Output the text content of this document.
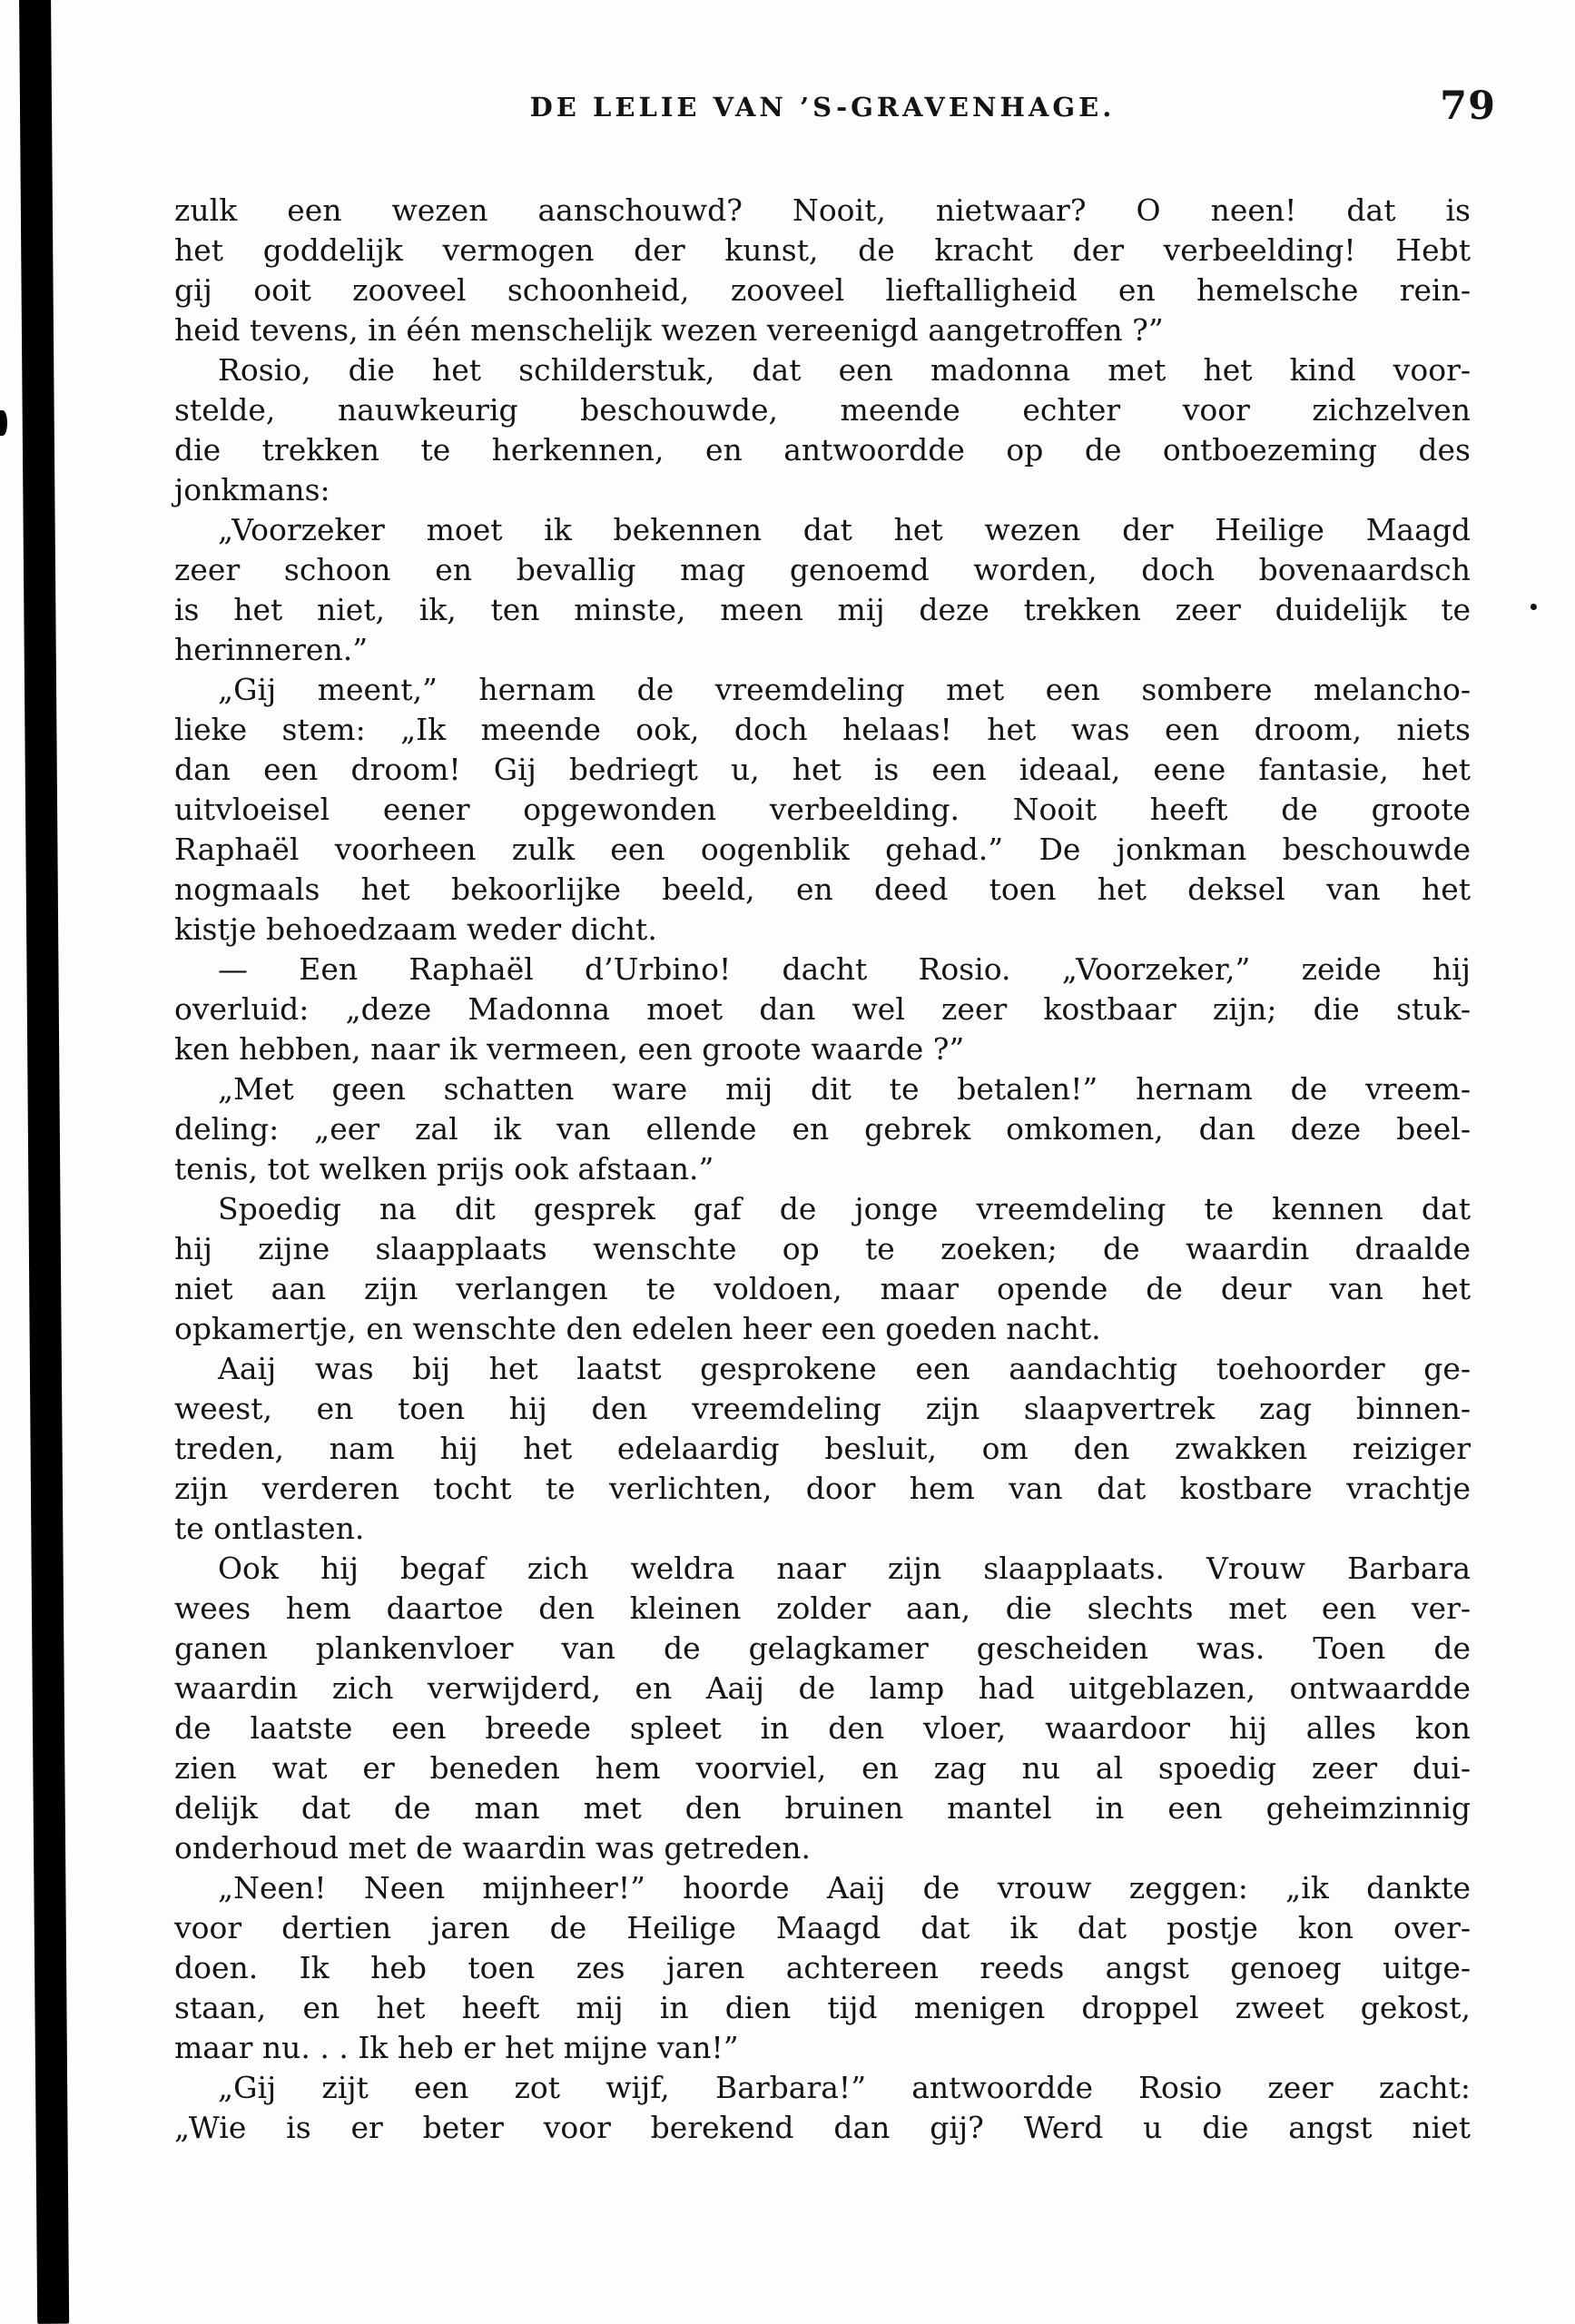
DE LELIE VAN ’S-GRAVENHAGE.	79
zulk een wezen aanschouwd? Nooit, nietwaar? O neen! dat is
het goddelijk vermogen der kunst, de kracht der verbeelding! Hebt
gij ooit zooveel schoonheid, zooveel lieftalligheid en hemelsche rein-
heid tevens, in één menschelijk wezen vereenigd aangetroffen ?”
Rosio, die het schilderstuk, dat een madonna met het kind voor-
stelde, nauwkeurig beschouwde, meende echter voor zichzelven
die trekken te herkennen, en antwoordde op de ontboezeming des
jonkmans:
„Voorzeker moet ik bekennen dat het wezen der Heilige Maagd
zeer schoon en bevallig mag genoemd worden, doch bovenaardsch
is het niet, ik, ten minste, meen mij deze trekken zeer duidelijk te
herinneren.”
„Gij meent,” hernam de vreemdeling met een sombere melancho-
lieke stem: „Ik meende ook, doch helaas! het was een droom, niets
dan een droom! Gij bedriegt u, het is een ideaal, eene fantasie, het
uitvloeisel eener opgewonden verbeelding. Nooit heeft de groote
Raphaël voorheen zulk een oogenblik gehad.” De jonkman beschouwde
nogmaals het bekoorlijke beeld, en deed toen het deksel van het
kistje behoedzaam weder dicht.
— Een Raphaël d’Urbino! dacht Rosio. „Voorzeker,” zeide hij
overluid: „deze Madonna moet dan wel zeer kostbaar zijn; die stuk-
ken hebben, naar ik vermeen, een groote waarde ?”
„Met geen schatten ware mij dit te betalen!” hernam de vreem-
deling: „eer zal ik van ellende en gebrek omkomen, dan deze beel-
tenis, tot welken prijs ook afstaan.”
Spoedig na dit gesprek gaf de jonge vreemdeling te kennen dat
hij zijne slaapplaats wenschte op te zoeken; de waardin draalde
niet aan zijn verlangen te voldoen, maar opende de deur van het
opkamertje, en wenschte den edelen heer een goeden nacht.
Aaij was bij het laatst gesprokene een aandachtig toehoorder ge-
weest, en toen hij den vreemdeling zijn slaapvertrek zag binnen-
treden, nam hij het edelaardig besluit, om den zwakken reiziger
zijn verderen tocht te verlichten, door hem van dat kostbare vrachtje
te ontlasten.
Ook hij begaf zich weldra naar zijn slaapplaats. Vrouw Barbara
wees hem daartoe den kleinen zolder aan, die slechts met een ver-
ganen plankenvloer van de gelagkamer gescheiden was. Toen de
waardin zich verwijderd, en Aaij de lamp had uitgeblazen, ontwaardde
de laatste een breede spleet in den vloer, waardoor hij alles kon
zien wat er beneden hem voorviel, en zag nu al spoedig zeer dui-
delijk dat de man met den bruinen mantel in een geheimzinnig
onderhoud met de waardin was getreden.
„Neen! Neen mijnheer!” hoorde Aaij de vrouw zeggen: „ik dankte
voor dertien jaren de Heilige Maagd dat ik dat postje kon over-
doen. Ik heb toen zes jaren achtereen reeds angst genoeg uitge-
staan, en het heeft mij in dien tijd menigen droppel zweet gekost,
maar nu. . . Ik heb er het mijne van!”
„Gij zijt een zot wijf, Barbara!” antwoordde Rosio zeer zacht:
„Wie is er beter voor berekend dan gij? Werd u die angst niet
